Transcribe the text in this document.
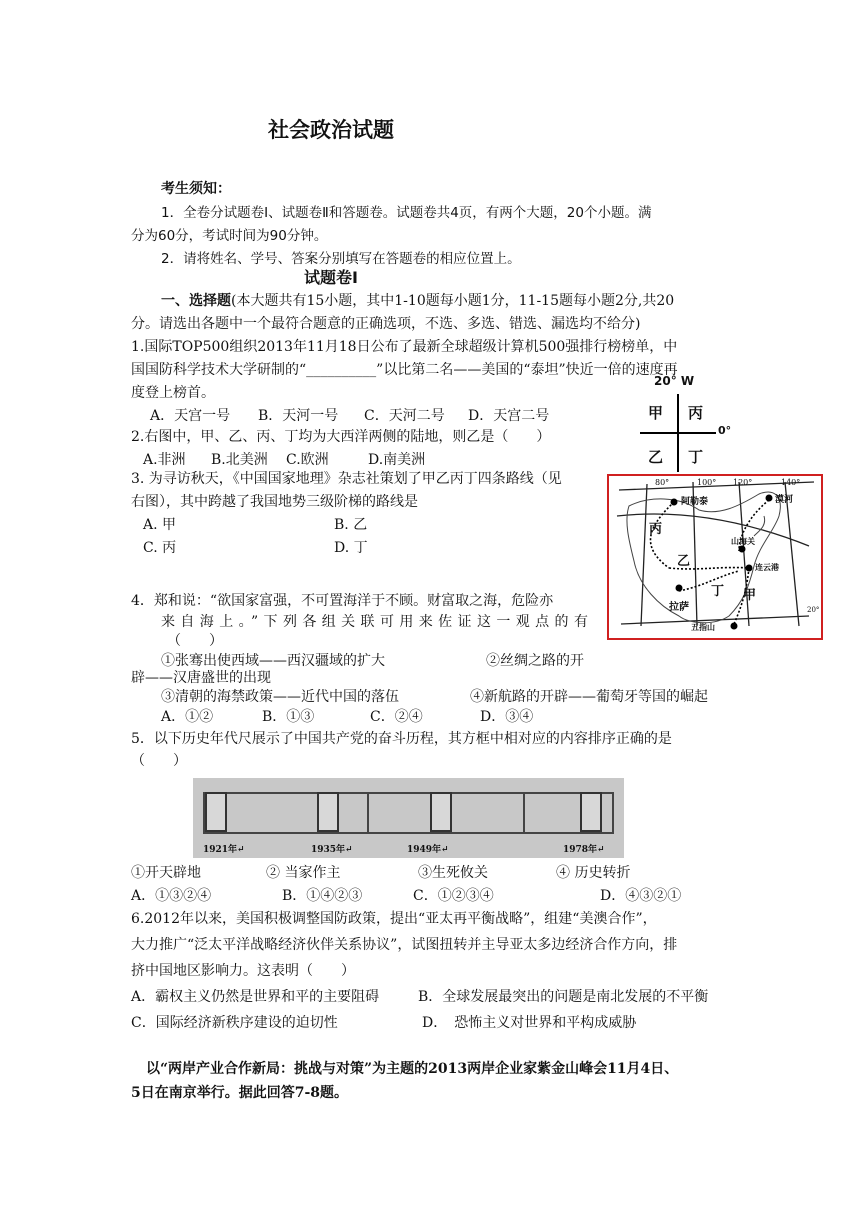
社会政治试题
考生须知：
1．全卷分试题卷Ⅰ、试题卷Ⅱ和答题卷。试题卷共4页，有两个大题，20个小题。满
分为60分，考试时间为90分钟。
2．请将姓名、学号、答案分别填写在答题卷的相应位置上。
试题卷Ⅰ
一、选择题(本大题共有15小题，其中1-10题每小题1分，11-15题每小题2分,共20
分。请选出各题中一个最符合题意的正确选项，不选、多选、错选、漏选均不给分)
1.国际TOP500组织2013年11月18日公布了最新全球超级计算机500强排行榜榜单，中
国国防科学技术大学研制的“__________”以比第二名——美国的“泰坦”快近一倍的速度再
度登上榜首。
A．天宫一号 B．天河一号 C．天河二号 D．天宫二号
2.右图中，甲、乙、丙、丁均为大西洋两侧的陆地，则乙是（　　）
A.非洲 B.北美洲 C.欧洲	D.南美洲
20° W
0°
甲 丙
乙 丁
3. 为寻访秋天，《中国国家地理》杂志社策划了甲乙丙丁四条路线（见
右图），其中跨越了我国地势三级阶梯的路线是
A. 甲	B. 乙
C. 丙	D. 丁
80°	100° 120°	140°
阿勒泰	漠河
丙
乙
丁 甲
拉萨
五指山
连云港
山海关
20°
4．郑和说：“欲国家富强，不可置海洋于不顾。财富取之海，危险亦
来自海上。”下列各组关联可用来佐证这一观点的有
（　　）
①张骞出使西域——西汉疆域的扩大	②丝绸之路的开
辟——汉唐盛世的出现
③清朝的海禁政策——近代中国的落伍	④新航路的开辟——葡萄牙等国的崛起
A．①②	B．①③	C．②④	D．③④
5．以下历史年代尺展示了中国共产党的奋斗历程，其方框中相对应的内容排序正确的是
（　　）
1921年↵	1935年↵	1949年↵	1978年↵
①开天辟地	② 当家作主	③生死攸关	④ 历史转折
A．①③②④	B．①④②③	C．①②③④	D．④③②①
6.2012年以来，美国积极调整国防政策，提出“亚太再平衡战略”，组建“美澳合作”，
大力推广“泛太平洋战略经济伙伴关系协议”，试图扭转并主导亚太多边经济合作方向，排
挤中国地区影响力。这表明（　　）
A．霸权主义仍然是世界和平的主要阻碍	B．全球发展最突出的问题是南北发展的不平衡
C．国际经济新秩序建设的迫切性	D．　恐怖主义对世界和平构成威胁
以“两岸产业合作新局：挑战与对策”为主题的2013两岸企业家紫金山峰会11月4日、
5日在南京举行。据此回答7-8题。
